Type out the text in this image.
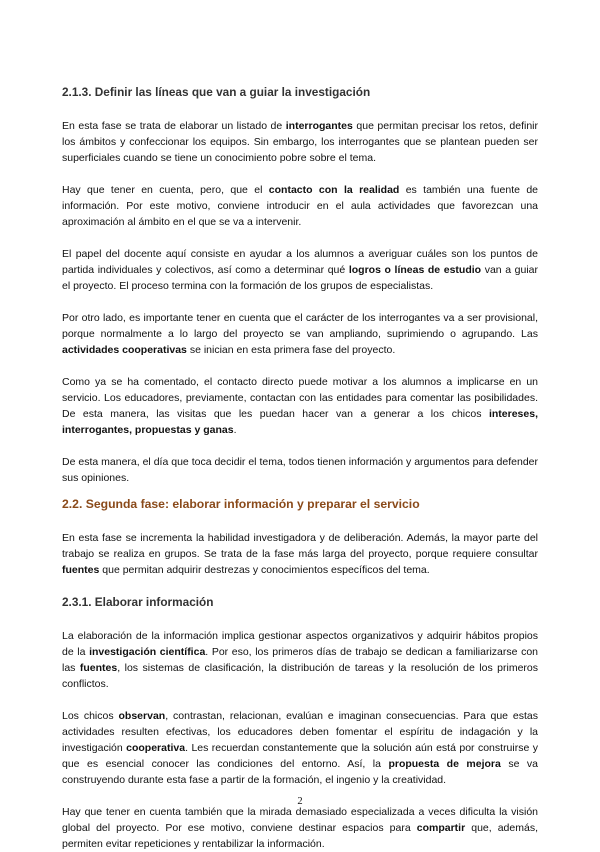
2.1.3. Definir las líneas que van a guiar la investigación

En esta fase se trata de elaborar un listado de interrogantes que permitan precisar los retos, definir los ámbitos y confeccionar los equipos. Sin embargo, los interrogantes que se plantean pueden ser superficiales cuando se tiene un conocimiento pobre sobre el tema.

Hay que tener en cuenta, pero, que el contacto con la realidad es también una fuente de información. Por este motivo, conviene introducir en el aula actividades que favorezcan una aproximación al ámbito en el que se va a intervenir.

El papel del docente aquí consiste en ayudar a los alumnos a averiguar cuáles son los puntos de partida individuales y colectivos, así como a determinar qué logros o líneas de estudio van a guiar el proyecto. El proceso termina con la formación de los grupos de especialistas.

Por otro lado, es importante tener en cuenta que el carácter de los interrogantes va a ser provisional, porque normalmente a lo largo del proyecto se van ampliando, suprimiendo o agrupando. Las actividades cooperativas se inician en esta primera fase del proyecto.

Como ya se ha comentado, el contacto directo puede motivar a los alumnos a implicarse en un servicio. Los educadores, previamente, contactan con las entidades para comentar las posibilidades. De esta manera, las visitas que les puedan hacer van a generar a los chicos intereses, interrogantes, propuestas y ganas.

De esta manera, el día que toca decidir el tema, todos tienen información y argumentos para defender sus opiniones.

2.2. Segunda fase: elaborar información y preparar el servicio

En esta fase se incrementa la habilidad investigadora y de deliberación. Además, la mayor parte del trabajo se realiza en grupos. Se trata de la fase más larga del proyecto, porque requiere consultar fuentes que permitan adquirir destrezas y conocimientos específicos del tema.

2.3.1. Elaborar información

La elaboración de la información implica gestionar aspectos organizativos y adquirir hábitos propios de la investigación científica. Por eso, los primeros días de trabajo se dedican a familiarizarse con las fuentes, los sistemas de clasificación, la distribución de tareas y la resolución de los primeros conflictos.

Los chicos observan, contrastan, relacionan, evalúan e imaginan consecuencias. Para que estas actividades resulten efectivas, los educadores deben fomentar el espíritu de indagación y la investigación cooperativa. Les recuerdan constantemente que la solución aún está por construirse y que es esencial conocer las condiciones del entorno. Así, la propuesta de mejora se va construyendo durante esta fase a partir de la formación, el ingenio y la creatividad.

Hay que tener en cuenta también que la mirada demasiado especializada a veces dificulta la visión global del proyecto. Por ese motivo, conviene destinar espacios para compartir que, además, permiten evitar repeticiones y rentabilizar la información.

2
